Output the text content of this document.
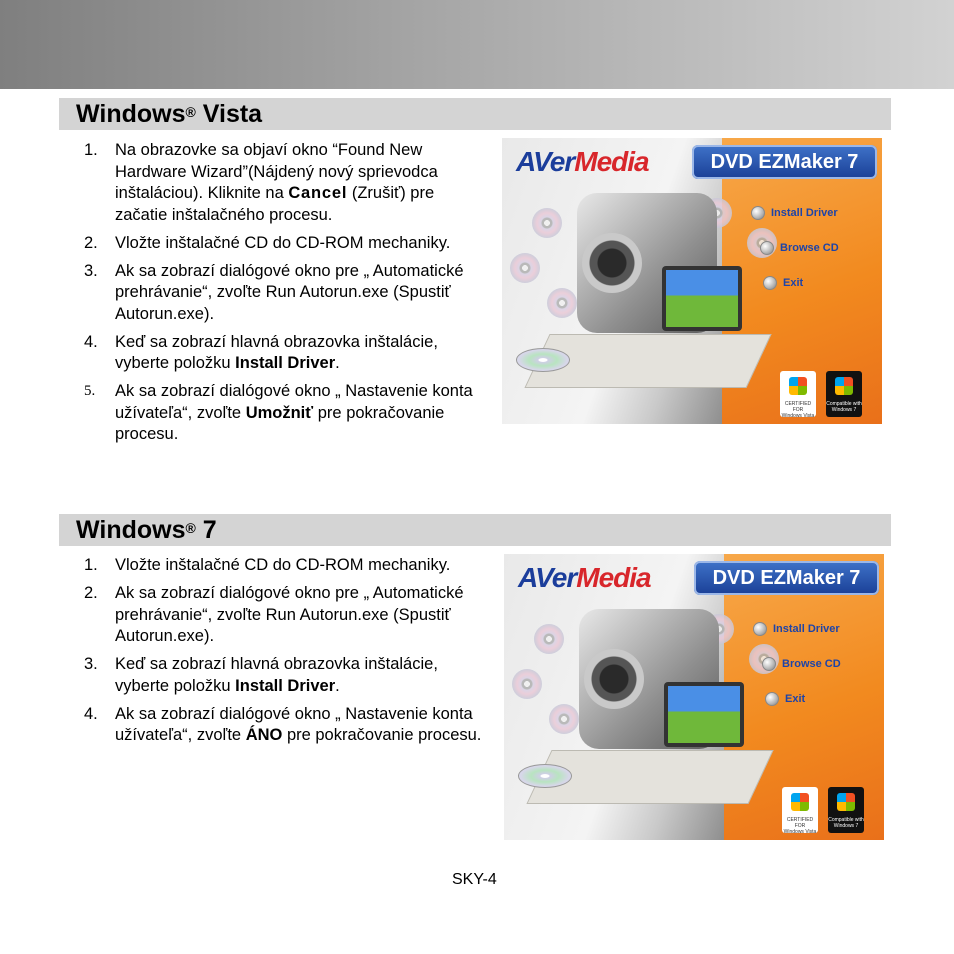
Windows® Vista
1. Na obrazovke sa objaví okno “Found New Hardware Wizard”(Nájdený nový sprievodca inštaláciou). Kliknite na Cancel (Zrušiť) pre začatie inštalačného procesu.
2. Vložte inštalačné CD do CD-ROM mechaniky.
3. Ak sa zobrazí dialógové okno pre „ Automatické prehrávanie“, zvoľte Run Autorun.exe (Spustiť Autorun.exe).
4. Keď sa zobrazí hlavná obrazovka inštalácie, vyberte položku Install Driver.
5. Ak sa zobrazí dialógové okno „ Nastavenie konta užívateľa“, zvoľte Umožniť pre pokračovanie procesu.
AVerMedia	DVD EZMaker 7
Install Driver
Browse CD
Exit
CERTIFIED FOR
Windows Vista
Compatible with
Windows 7
Windows® 7
1. Vložte inštalačné CD do CD-ROM mechaniky.
2. Ak sa zobrazí dialógové okno pre „ Automatické prehrávanie“, zvoľte Run Autorun.exe (Spustiť Autorun.exe).
3. Keď sa zobrazí hlavná obrazovka inštalácie, vyberte položku Install Driver.
4. Ak sa zobrazí dialógové okno „ Nastavenie konta užívateľa“, zvoľte ÁNO pre pokračovanie procesu.
AVerMedia	DVD EZMaker 7
Install Driver
Browse CD
Exit
CERTIFIED FOR
Windows Vista
Compatible with
Windows 7
SKY-4
